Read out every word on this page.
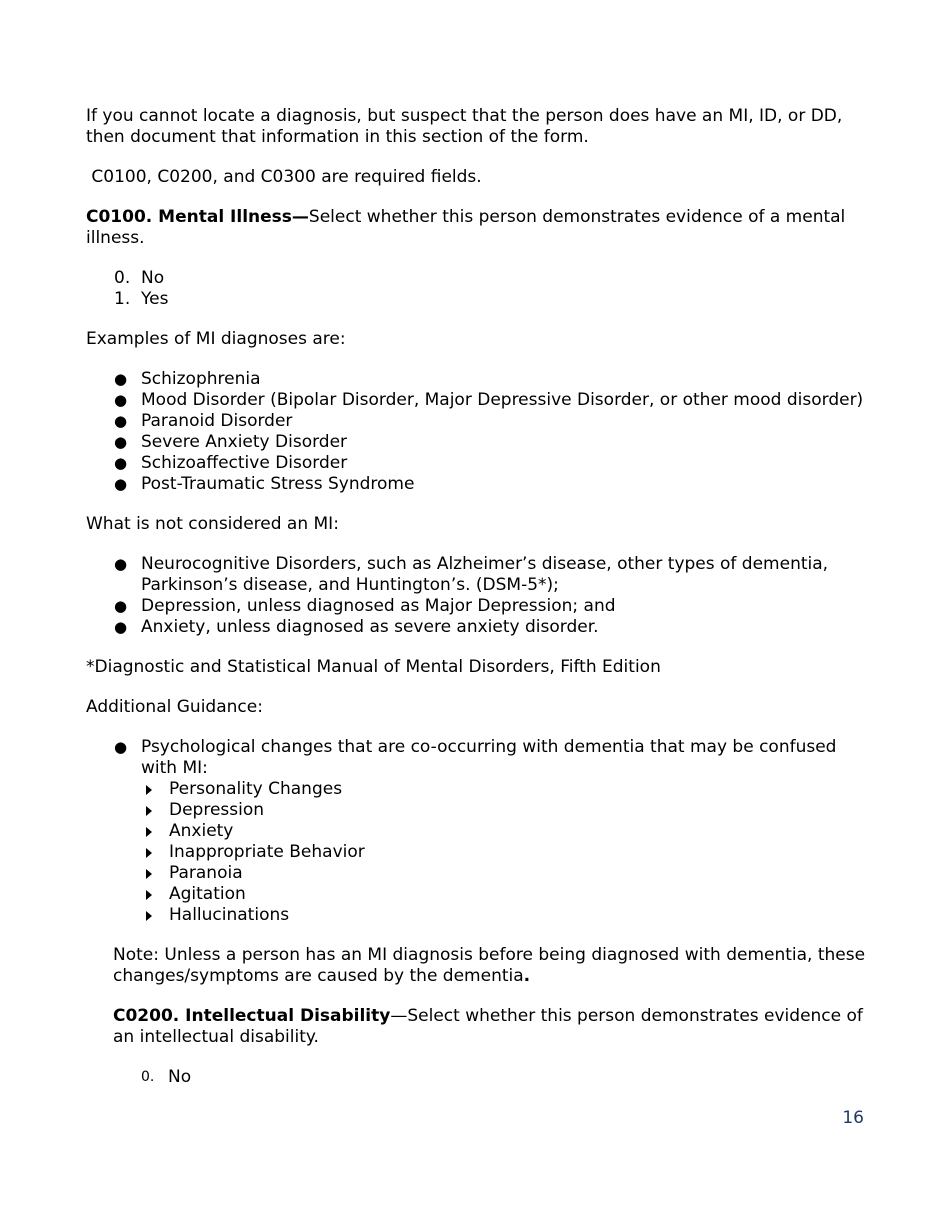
If you cannot locate a diagnosis, but suspect that the person does have an MI, ID, or DD, then document that information in this section of the form.

C0100, C0200, and C0300 are required fields.

C0100. Mental Illness—Select whether this person demonstrates evidence of a mental illness.

0. No
1. Yes

Examples of MI diagnoses are:

● Schizophrenia
● Mood Disorder (Bipolar Disorder, Major Depressive Disorder, or other mood disorder)
● Paranoid Disorder
● Severe Anxiety Disorder
● Schizoaffective Disorder
● Post-Traumatic Stress Syndrome

What is not considered an MI:

● Neurocognitive Disorders, such as Alzheimer’s disease, other types of dementia, Parkinson’s disease, and Huntington’s. (DSM-5*);
● Depression, unless diagnosed as Major Depression; and
● Anxiety, unless diagnosed as severe anxiety disorder.

*Diagnostic and Statistical Manual of Mental Disorders, Fifth Edition

Additional Guidance:

● Psychological changes that are co-occurring with dementia that may be confused with MI:
Personality Changes
Depression
Anxiety
Inappropriate Behavior
Paranoia
Agitation
Hallucinations

Note: Unless a person has an MI diagnosis before being diagnosed with dementia, these changes/symptoms are caused by the dementia.

C0200. Intellectual Disability—Select whether this person demonstrates evidence of an intellectual disability.

0. No
16
